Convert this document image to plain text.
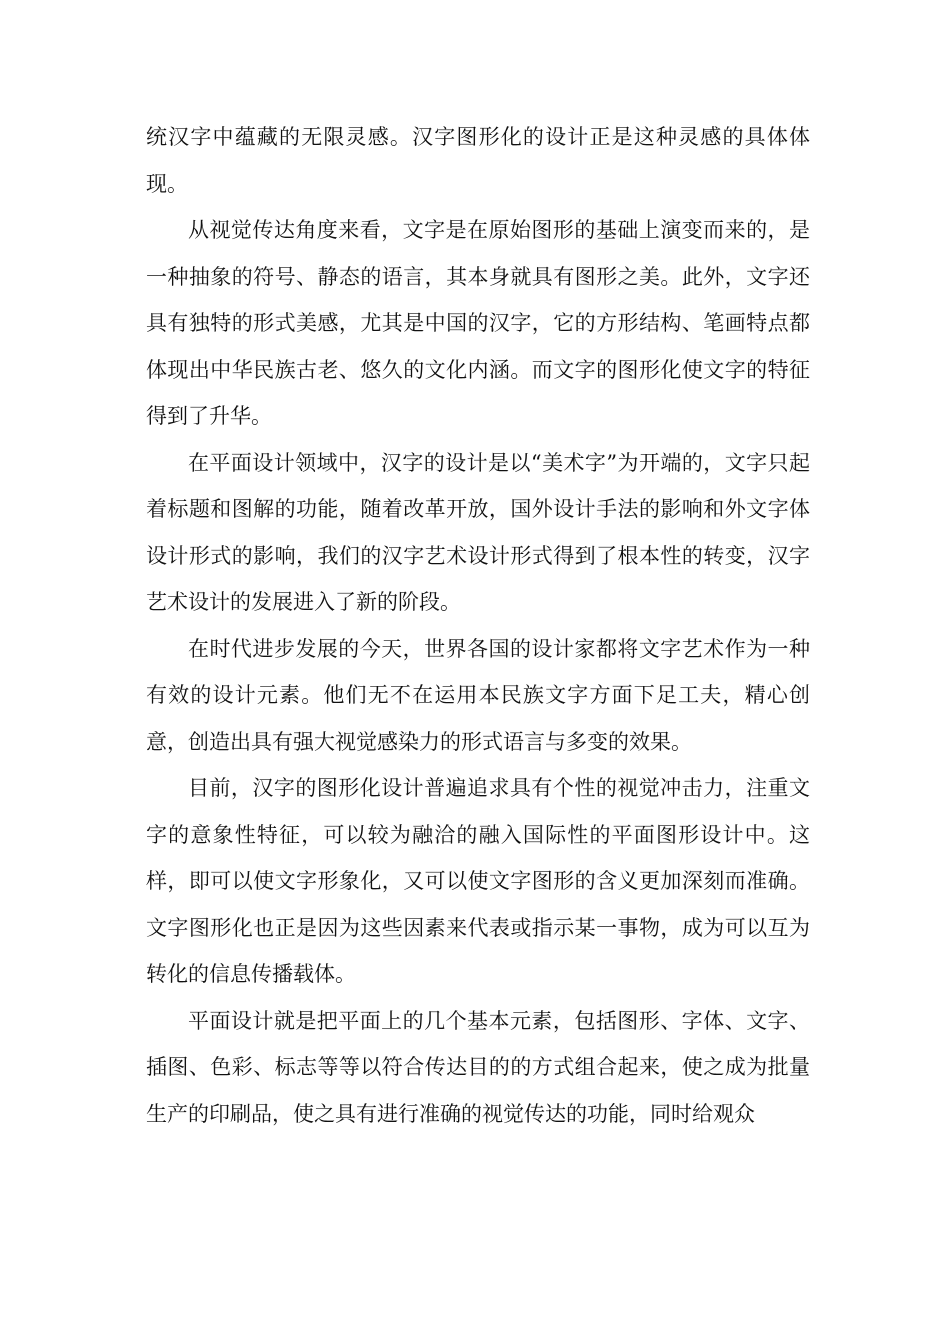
统汉字中蕴藏的无限灵感。汉字图形化的设计正是这种灵感的具体体现。

从视觉传达角度来看，文字是在原始图形的基础上演变而来的，是一种抽象的符号、静态的语言，其本身就具有图形之美。此外，文字还具有独特的形式美感，尤其是中国的汉字，它的方形结构、笔画特点都体现出中华民族古老、悠久的文化内涵。而文字的图形化使文字的特征得到了升华。

在平面设计领域中，汉字的设计是以“美术字”为开端的，文字只起着标题和图解的功能，随着改革开放，国外设计手法的影响和外文字体设计形式的影响，我们的汉字艺术设计形式得到了根本性的转变，汉字艺术设计的发展进入了新的阶段。

在时代进步发展的今天，世界各国的设计家都将文字艺术作为一种有效的设计元素。他们无不在运用本民族文字方面下足工夫，精心创意，创造出具有强大视觉感染力的形式语言与多变的效果。

目前，汉字的图形化设计普遍追求具有个性的视觉冲击力，注重文字的意象性特征，可以较为融洽的融入国际性的平面图形设计中。这样，即可以使文字形象化，又可以使文字图形的含义更加深刻而准确。文字图形化也正是因为这些因素来代表或指示某一事物，成为可以互为转化的信息传播载体。

平面设计就是把平面上的几个基本元素，包括图形、字体、文字、插图、色彩、标志等等以符合传达目的的方式组合起来，使之成为批量生产的印刷品，使之具有进行准确的视觉传达的功能，同时给观众
